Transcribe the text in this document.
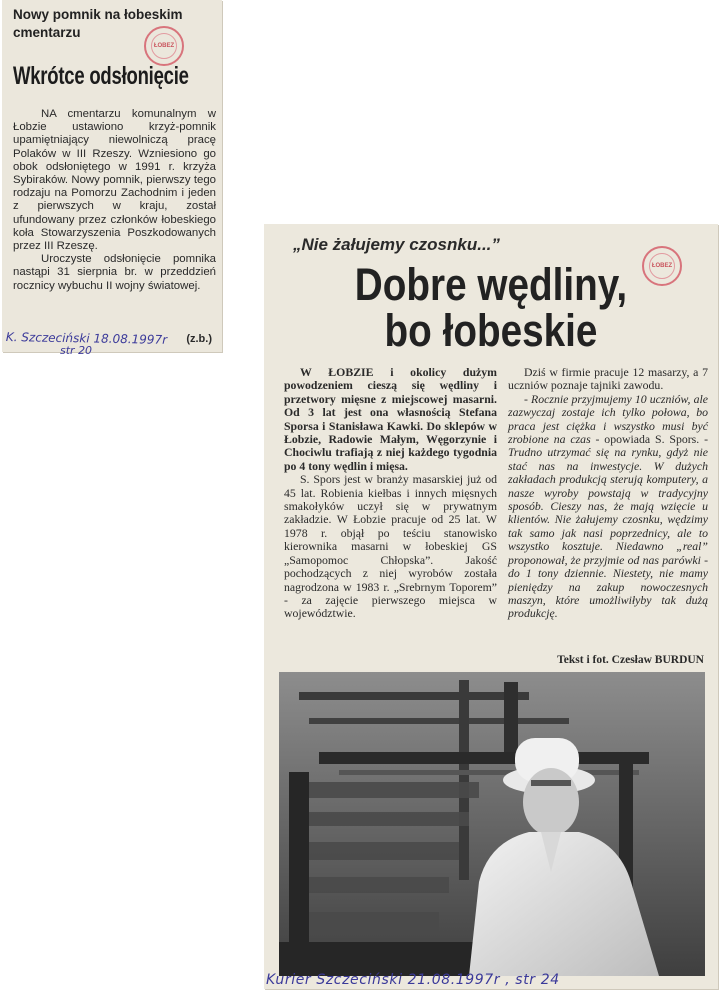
Nowy pomnik na łobeskim cmentarzu
ŁOBEZ
Wkrótce odsłonięcie

NA cmentarzu komunalnym w Łobzie ustawiono krzyż-pomnik upamiętniający niewolniczą pracę Polaków w III Rzeszy. Wzniesiono go obok odsłoniętego w 1991 r. krzyża Sybiraków. Nowy pomnik, pierwszy tego rodzaju na Pomorzu Zachodnim i jeden z pierwszych w kraju, został ufundowany przez członków łobeskiego koła Stowarzyszenia Poszkodowanych przez III Rzeszę.

Uroczyste odsłonięcie pomnika nastąpi 31 sierpnia br. w przeddzień rocznicy wybuchu II wojny światowej.

(z.b.)
K. Szczeciński 18.08.1997r
str 20
„Nie żałujemy czosnku...”
ŁOBEZ
Dobre wędliny,
bo łobeskie

W ŁOBZIE i okolicy dużym powodzeniem cieszą się wędliny i przetwory mięsne z miejscowej masarni. Od 3 lat jest ona własnością Stefana Sporsa i Stanisława Kawki. Do sklepów w Łobzie, Radowie Małym, Węgorzynie i Chociwlu trafiają z niej każdego tygodnia po 4 tony wędlin i mięsa.

S. Spors jest w branży masarskiej już od 45 lat. Robienia kiełbas i innych mięsnych smakołyków uczył się w prywatnym zakładzie. W Łobzie pracuje od 25 lat. W 1978 r. objął po teściu stanowisko kierownika masarni w łobeskiej GS „Samopomoc Chłopska”. Jakość pochodzących z niej wyrobów została nagrodzona w 1983 r. „Srebrnym Toporem” - za zajęcie pierwszego miejsca w województwie.

Dziś w firmie pracuje 12 masarzy, a 7 uczniów poznaje tajniki zawodu.

- Rocznie przyjmujemy 10 uczniów, ale zazwyczaj zostaje ich tylko połowa, bo praca jest ciężka i wszystko musi być zrobione na czas - opowiada S. Spors. - Trudno utrzymać się na rynku, gdyż nie stać nas na inwestycje. W dużych zakładach produkcją sterują komputery, a nasze wyroby powstają w tradycyjny sposób. Cieszy nas, że mają wzięcie u klientów. Nie żałujemy czosnku, wędzimy tak samo jak nasi poprzednicy, ale to wszystko kosztuje. Niedawno „real” proponował, że przyjmie od nas parówki - do 1 tony dziennie. Niestety, nie mamy pieniędzy na zakup nowoczesnych maszyn, które umożliwiłyby tak dużą produkcję.

Tekst i fot. Czesław BURDUN
Kurier Szczeciński 21.08.1997r , str 24
